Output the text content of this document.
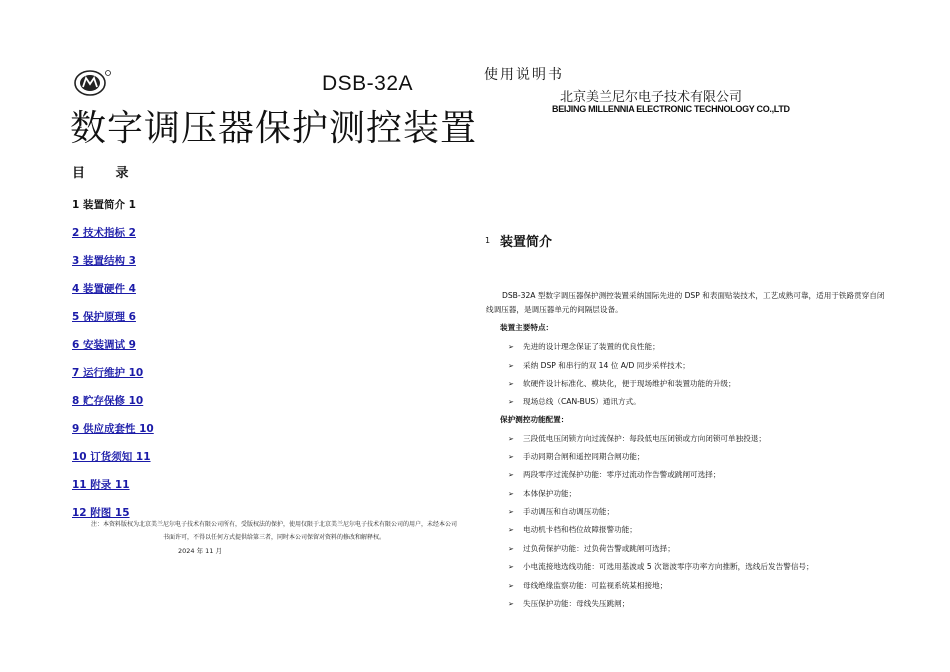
DSB-32A
数字调压器保护测控装置
目 录
1 装置简介 1
2 技术指标 2
3 装置结构 3
4 装置硬件 4
5 保护原理 6
6 安装调试 9
7 运行维护 10
8 贮存保修 10
9 供应成套性 10
10 订货须知 11
11 附录 11
12 附图 15
注：本资料版权为北京美兰尼尔电子技术有限公司所有，受版权法的保护，使用仅限于北京美兰尼尔电子技术有限公司的用户，未经本公司
书面许可，不得以任何方式提供给第三者，同时本公司保留对资料的修改和解释权。
2024 年 11 月
使用说明书
北京美兰尼尔电子技术有限公司
BEIJING MILLENNIA ELECTRONIC TECHNOLOGY CO.,LTD
1 装置简介
DSB-32A 型数字调压器保护测控装置采纳国际先进的 DSP 和表面贴装技术，工艺成熟可靠，适用于铁路贯穿自闭线调压器，是调压器单元的间隔层设备。
装置主要特点：
➢ 先进的设计理念保证了装置的优良性能；
➢ 采纳 DSP 和串行的双 14 位 A/D 同步采样技术；
➢ 软硬件设计标准化、模块化，便于现场维护和装置功能的升级；
➢ 现场总线（CAN-BUS）通讯方式。
保护测控功能配置：
➢ 三段低电压闭锁方向过流保护：每段低电压闭锁或方向闭锁可单独投退；
➢ 手动同期合闸和遥控同期合闸功能；
➢ 两段零序过流保护功能：零序过流动作告警或跳闸可选择；
➢ 本体保护功能；
➢ 手动调压和自动调压功能；
➢ 电动机卡档和档位故障报警功能；
➢ 过负荷保护功能：过负荷告警或跳闸可选择；
➢ 小电流接地选线功能：可选用基波或 5 次谐波零序功率方向推断，选线后发告警信号；
➢ 母线绝缘监察功能：可监视系统某相接地；
➢ 失压保护功能：母线失压跳闸；
